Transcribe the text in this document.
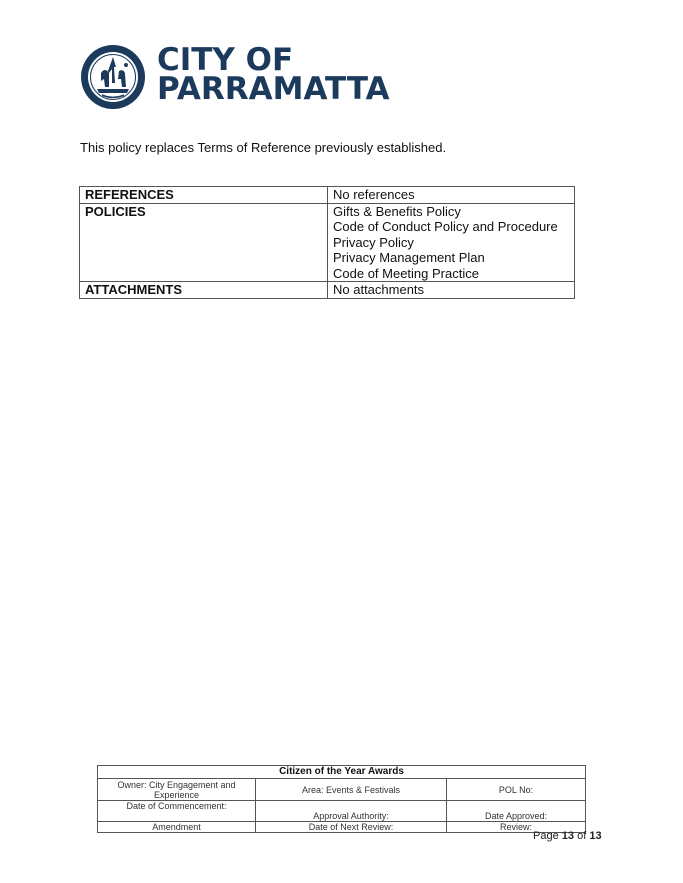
CITY OF
PARRAMATTA
This policy replaces Terms of Reference previously established.
REFERENCES	No references

POLICIES	Gifts & Benefits Policy
Code of Conduct Policy and Procedure
Privacy Policy
Privacy Management Plan
Code of Meeting Practice

ATTACHMENTS	No attachments
Citizen of the Year Awards		
Owner: City Engagement and Experience	Area: Events & Festivals	POL No:
Date of Commencement:	Approval Authority:	Date Approved:
Amendment	Date of Next Review:	Review:
Page 13 of 13
